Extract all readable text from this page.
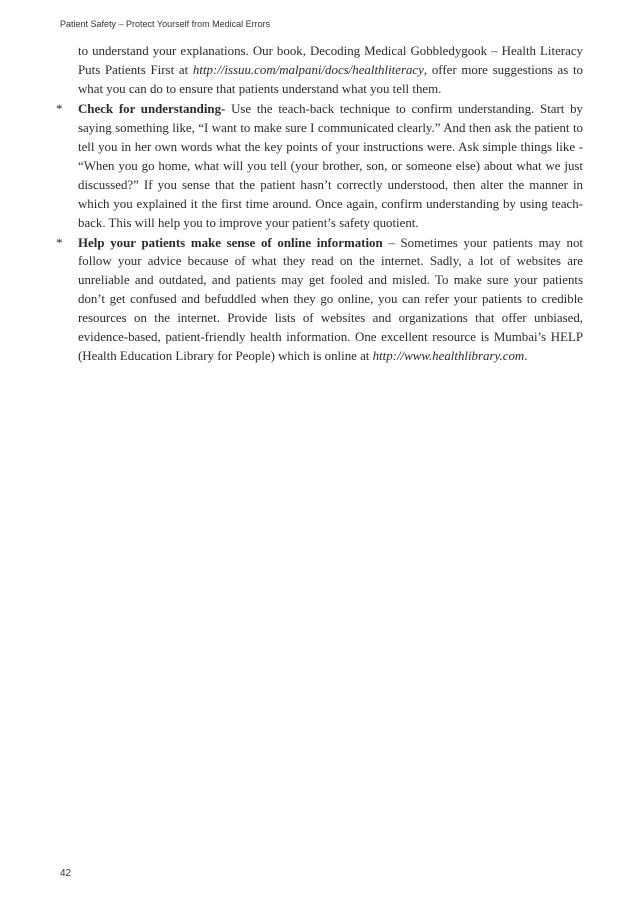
Patient Safety – Protect Yourself from Medical Errors

to understand your explanations. Our book, Decoding Medical Gobbledygook – Health Literacy Puts Patients First at http://issuu.com/malpani/docs/healthliteracy, offer more suggestions as to what you can do to ensure that patients understand what you tell them.

* Check for understanding- Use the teach-back technique to confirm understanding. Start by saying something like, “I want to make sure I communicated clearly.” And then ask the patient to tell you in her own words what the key points of your instructions were. Ask simple things like - “When you go home, what will you tell (your brother, son, or someone else) about what we just discussed?” If you sense that the patient hasn’t correctly understood, then alter the manner in which you explained it the first time around. Once again, confirm understanding by using teach-back. This will help you to improve your patient’s safety quotient.
* Help your patients make sense of online information – Sometimes your patients may not follow your advice because of what they read on the internet. Sadly, a lot of websites are unreliable and outdated, and patients may get fooled and misled. To make sure your patients don’t get confused and befuddled when they go online, you can refer your patients to credible resources on the internet. Provide lists of websites and organizations that offer unbiased, evidence-based, patient-friendly health information. One excellent resource is Mumbai’s HELP (Health Education Library for People) which is online at http://www.healthlibrary.com.
42
